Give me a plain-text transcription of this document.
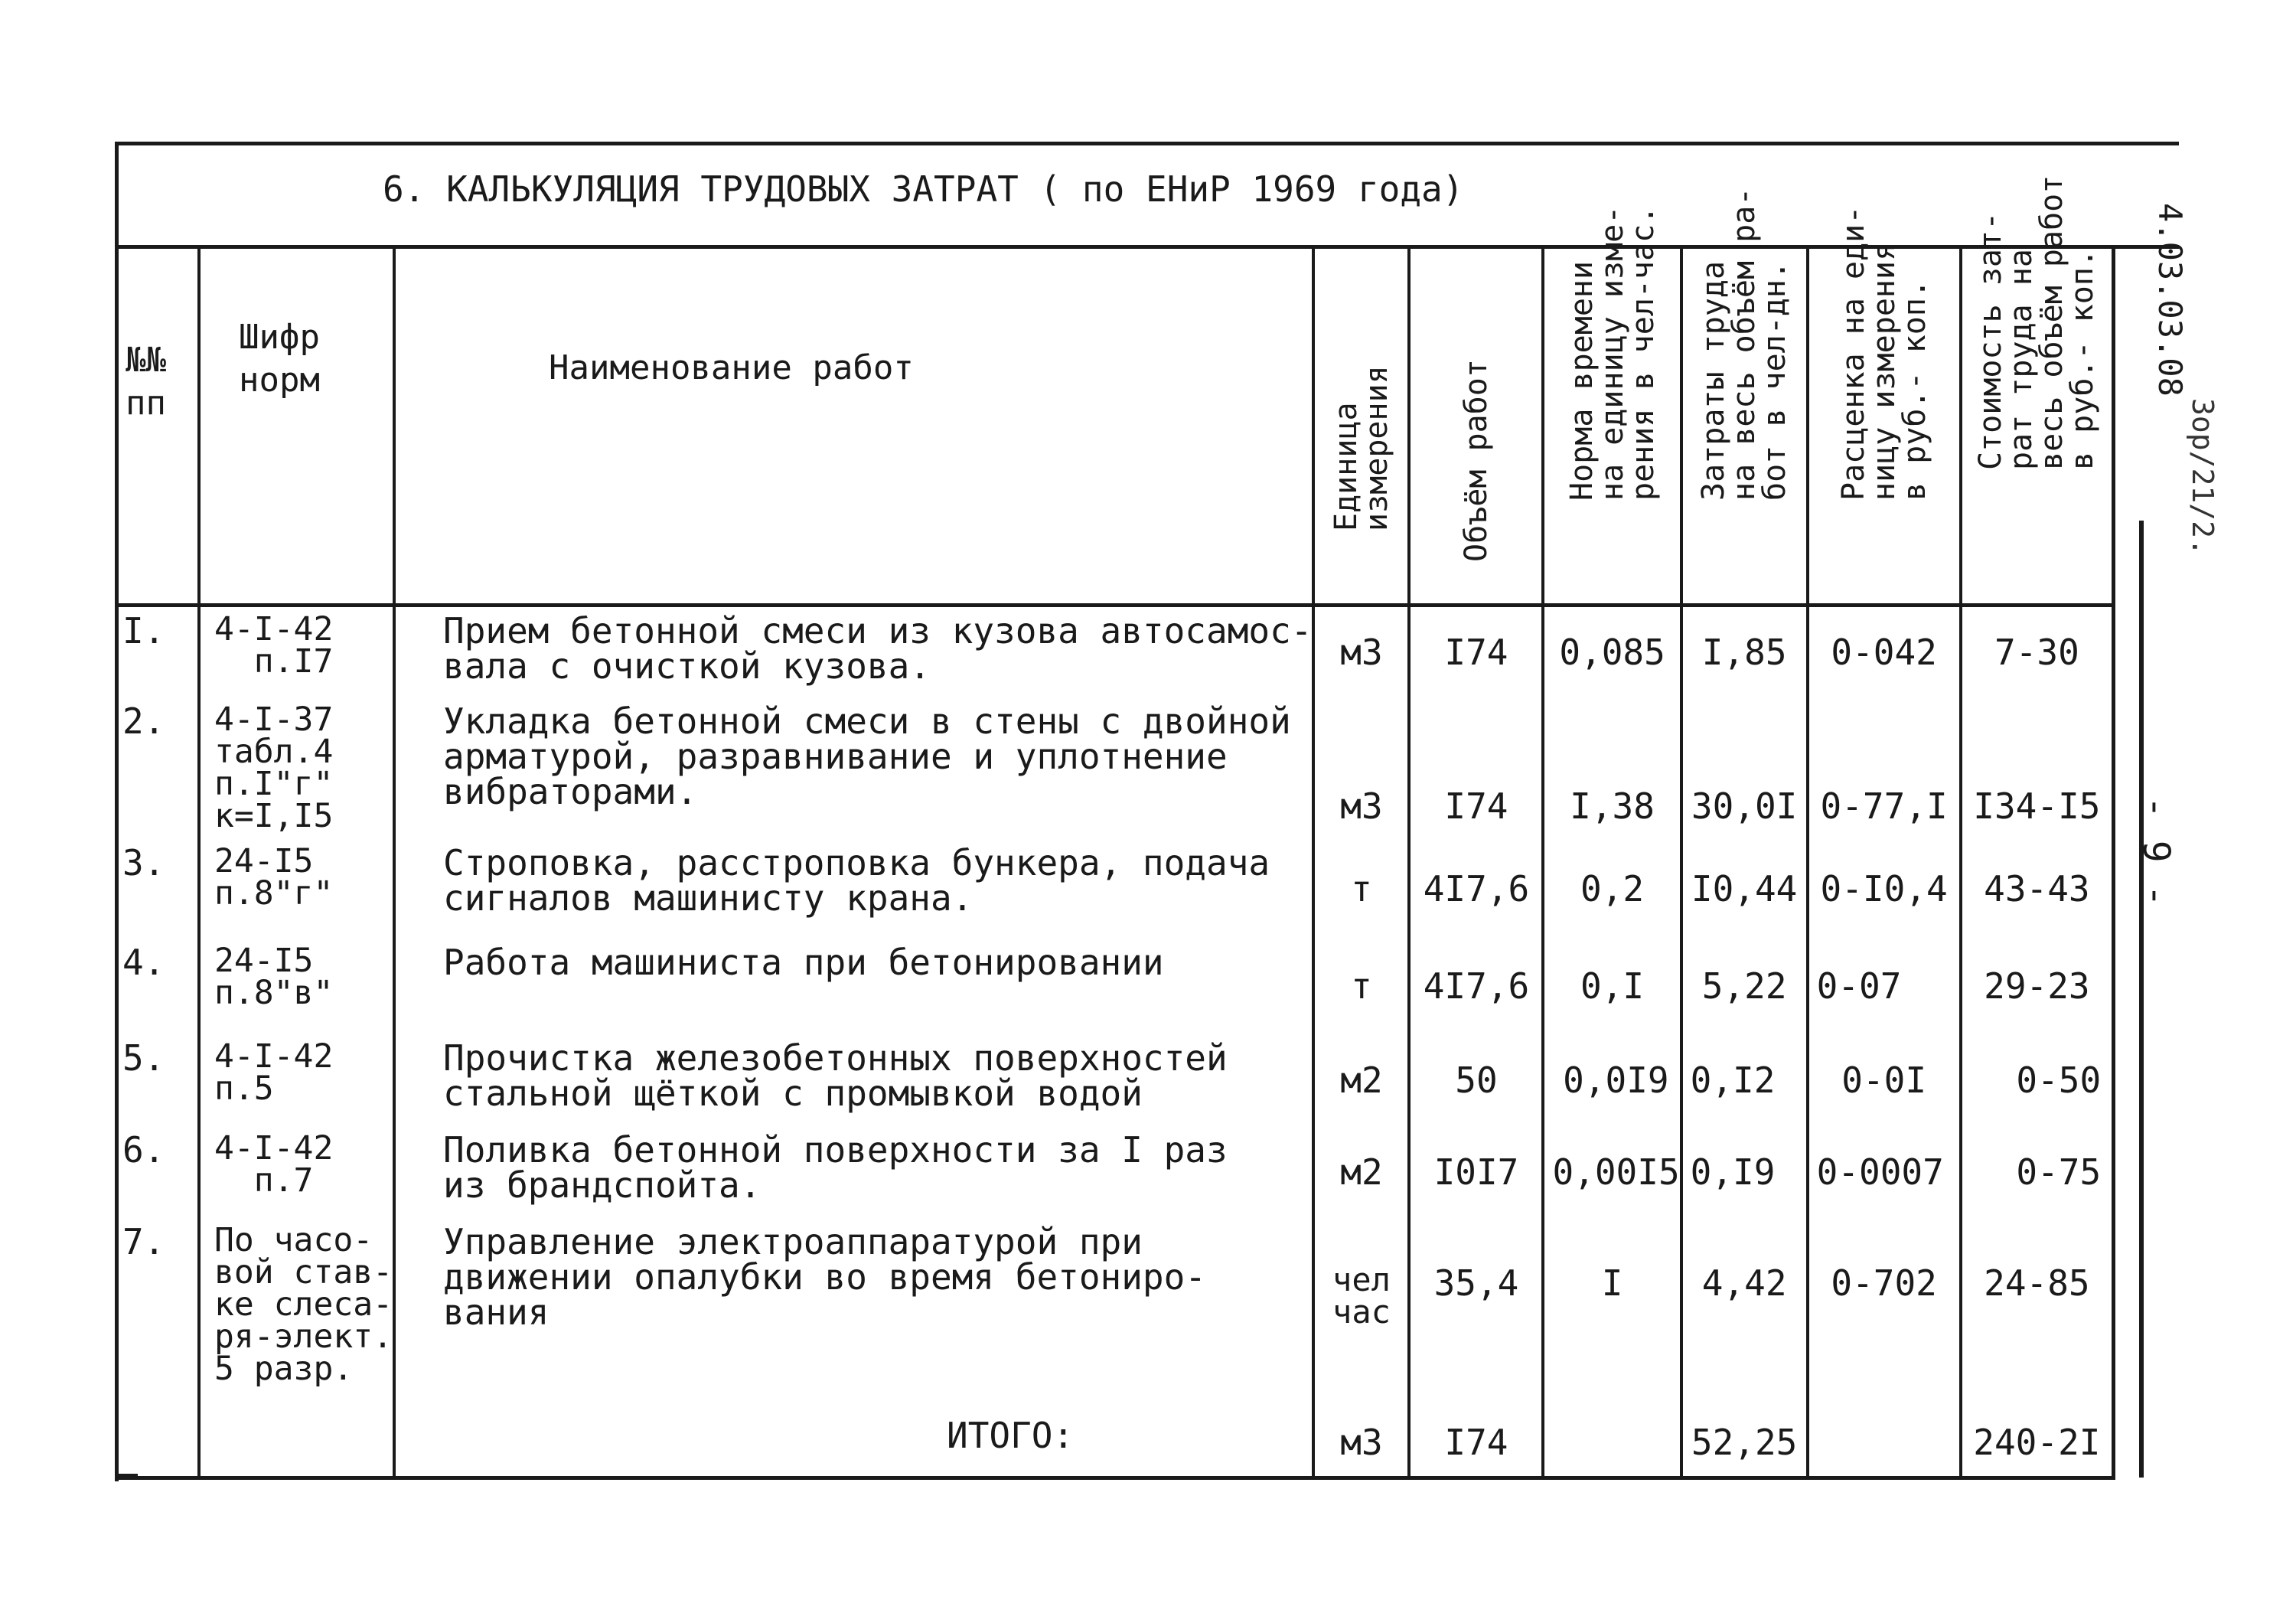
6. КАЛЬКУЛЯЦИЯ ТРУДОВЫХ ЗАТРАТ ( по ЕНиР 1969 года)
№№
пп	Шифр
норм	Наименование работ	Единица
измерения	Объём работ	Норма времени
на единицу изме-
рения в чел-час.	Затраты труда
на весь объём ра-
бот в чел-дн.	Расценка на еди-
ницу измерения
в руб.- коп.	Стоимость зат-
рат труда на
весь объём работ
в руб.- коп.

I.	4-I-42
п.I7	Прием бетонной смеси из кузова автосамос-
вала с очисткой кузова.	м3	I74	0,085	I,85	0-042	7-30
2.	4-I-37
табл.4
п.I"г"
к=I,I5	Укладка бетонной смеси в стены с двойной
арматурой, разравнивание и уплотнение
вибраторами.	м3	I74	I,38	30,0I	0-77,I	I34-I5
3.	24-I5
п.8"г"	Строповка, расстроповка бункера, подача
сигналов машинисту крана.	т	4I7,6	0,2	I0,44	0-I0,4	43-43
4.	24-I5
п.8"в"	Работа машиниста при бетонировании	т	4I7,6	0,I	5,22	0-07	29-23
5.	4-I-42
п.5	Прочистка железобетонных поверхностей
стальной щёткой с промывкой водой	м2	50	0,0I9	0,I2	0-0I	0-50
6.	4-I-42
п.7	Поливка бетонной поверхности за I раз
из брандспойта.	м2	I0I7	0,00I5	0,I9	0-0007	0-75
7.	По часо-
вой став-
ке слеса-
ря-элект.
5 разр.	Управление электроаппаратурой при
движении опалубки во время бетониро-
вания	чел
час	35,4	I	4,42	0-702	24-85
		ИТОГО:	м3	I74		52,25		240-2I
4.03.03.08
Зор/21/2.
- 9 -
